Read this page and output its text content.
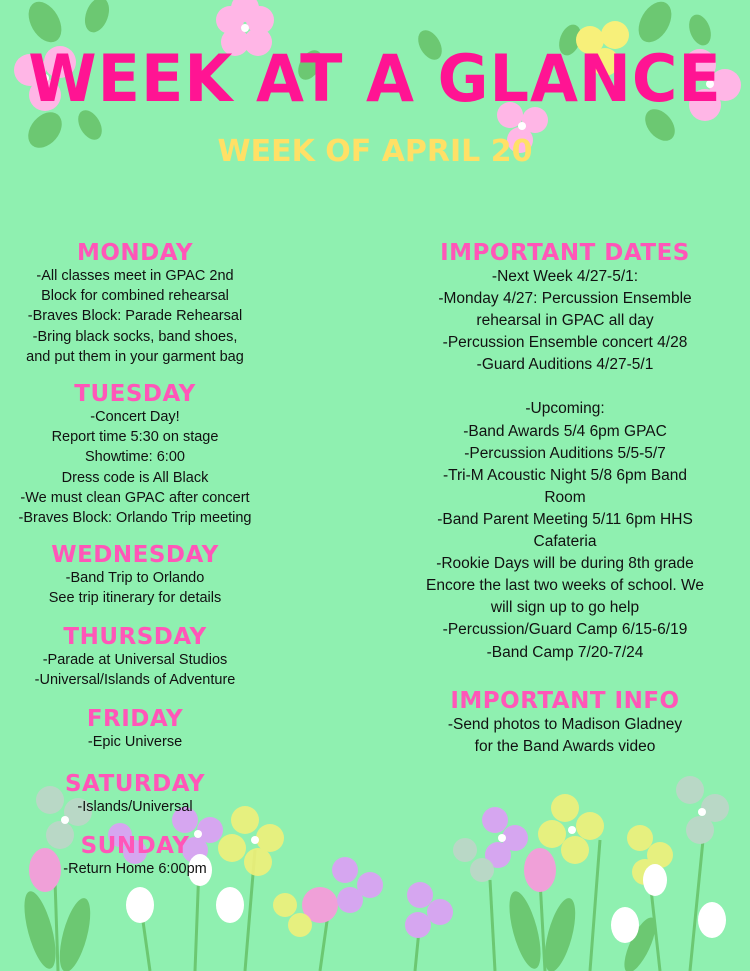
WEEK AT A GLANCE
WEEK OF APRIL 20
MONDAY
-All classes meet in GPAC 2nd
Block for combined rehearsal
-Braves Block: Parade Rehearsal
-Bring black socks, band shoes,
and put them in your garment bag
TUESDAY
-Concert Day!
Report time 5:30 on stage
Showtime: 6:00
Dress code is All Black
-We must clean GPAC after concert
-Braves Block: Orlando Trip meeting
WEDNESDAY
-Band Trip to Orlando
See trip itinerary for details
THURSDAY
-Parade at Universal Studios
-Universal/Islands of Adventure
FRIDAY
-Epic Universe
SATURDAY
-Islands/Universal
SUNDAY
-Return Home 6:00pm
IMPORTANT DATES
-Next Week 4/27-5/1:
-Monday 4/27: Percussion Ensemble
rehearsal in GPAC all day
-Percussion Ensemble concert 4/28
-Guard Auditions 4/27-5/1
-Upcoming:
-Band Awards 5/4 6pm GPAC
-Percussion Auditions 5/5-5/7
-Tri-M Acoustic Night 5/8 6pm Band
Room
-Band Parent Meeting 5/11 6pm HHS
Cafateria
-Rookie Days will be during 8th grade
Encore the last two weeks of school. We
will sign up to go help
-Percussion/Guard Camp 6/15-6/19
-Band Camp 7/20-7/24
IMPORTANT INFO
-Send photos to Madison Gladney
for the Band Awards video
